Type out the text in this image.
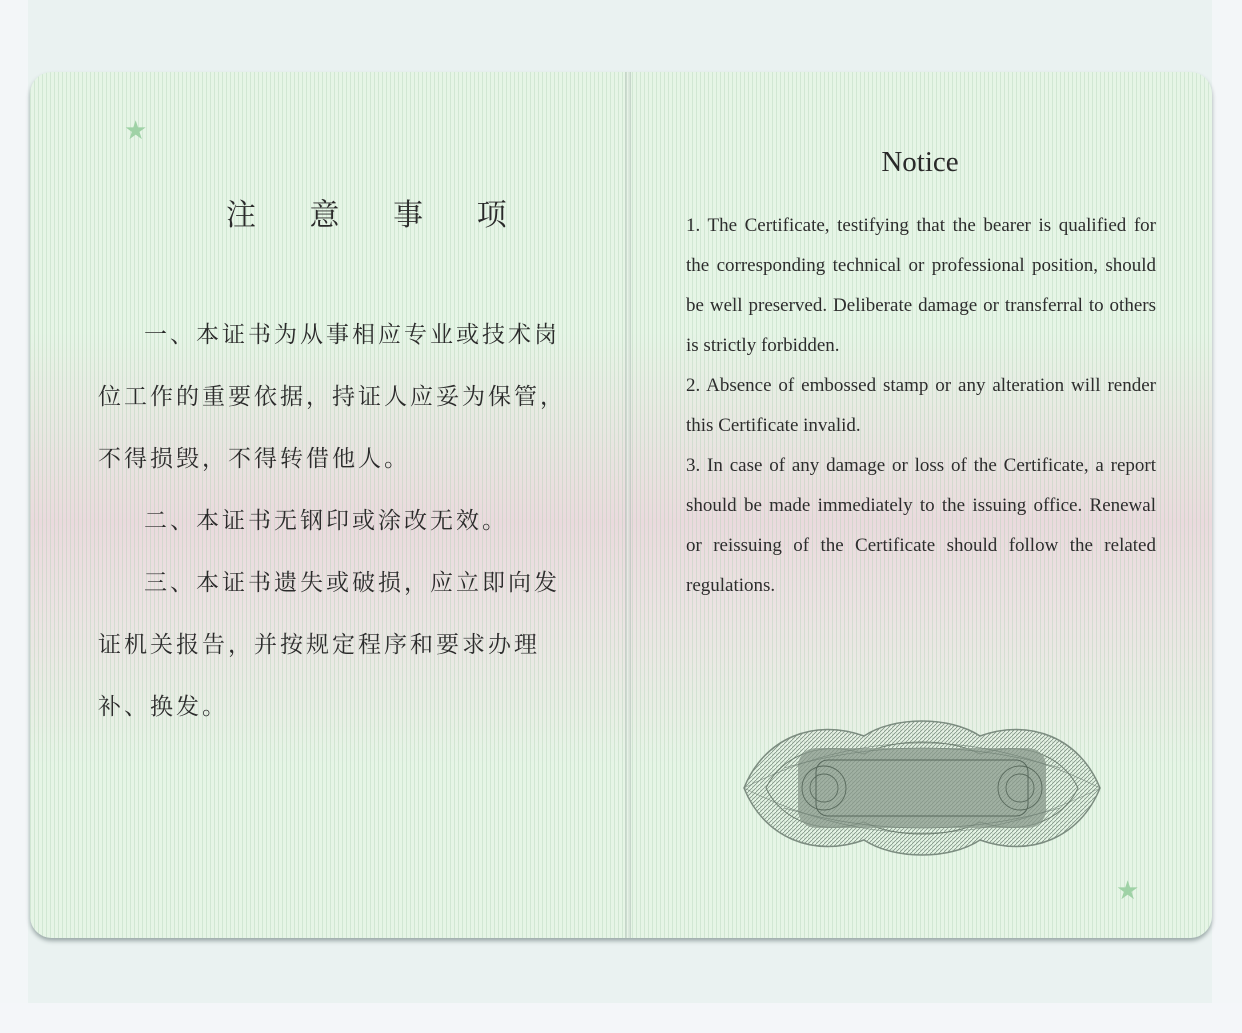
★
注 意 事 项

一、本证书为从事相应专业或技术岗位工作的重要依据，持证人应妥为保管，不得损毁，不得转借他人。

二、本证书无钢印或涂改无效。

三、本证书遗失或破损，应立即向发证机关报告，并按规定程序和要求办理补、换发。

Notice

1. The Certificate, testifying that the bearer is qualified for the corresponding technical or professional position, should be well preserved. Deliberate damage or transferral to others is strictly forbidden.

2. Absence of embossed stamp or any alteration will render this Certificate invalid.

3. In case of any damage or loss of the Certificate, a report should be made immediately to the issuing office. Renewal or reissuing of the Certificate should follow the related regulations.

★
